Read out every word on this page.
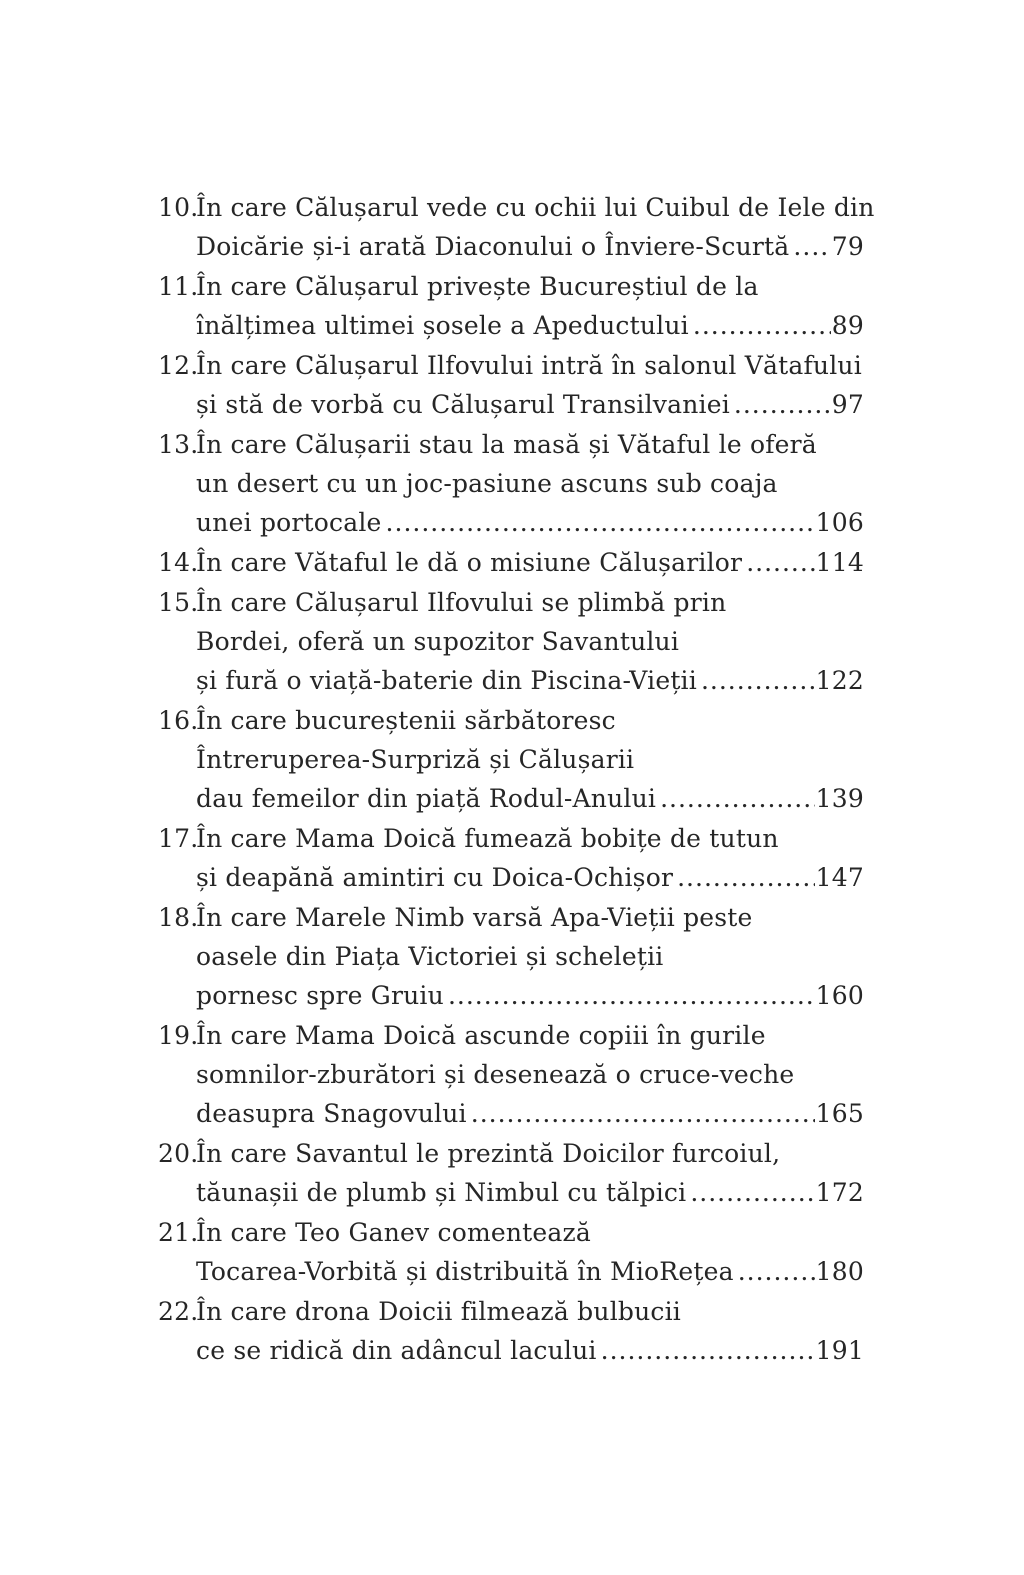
10.
În care Călușarul vede cu ochii lui Cuibul de Iele din
Doicărie și-i arată Diaconului o Înviere-Scurtă ..... 79
11.
În care Călușarul privește Bucureștiul de la
înălțimea ultimei șosele a Apeductului .....	89
12.
În care Călușarul Ilfovului intră în salonul Vătafului
și stă de vorbă cu Călușarul Transilvaniei .....	97
13.
În care Călușarii stau la masă și Vătaful le oferă
un desert cu un joc-pasiune ascuns sub coaja
unei portocale .....	106
14.
În care Vătaful le dă o misiune Călușarilor .....	114
15.
În care Călușarul Ilfovului se plimbă prin
Bordei, oferă un supozitor Savantului
și fură o viață-baterie din Piscina-Vieții .....	122
16.
În care bucureștenii sărbătoresc
Întreruperea-Surpriză și Călușarii
dau femeilor din piață Rodul-Anului .....	139
17.
În care Mama Doică fumează bobițe de tutun
și deapănă amintiri cu Doica-Ochișor .....	147
18.
În care Marele Nimb varsă Apa-Vieții peste
oasele din Piața Victoriei și scheleții
pornesc spre Gruiu .....	160
19.
În care Mama Doică ascunde copiii în gurile
somnilor-zburători și desenează o cruce-veche
deasupra Snagovului .....	165
20.
În care Savantul le prezintă Doicilor furcoiul,
tăunașii de plumb și Nimbul cu tălpici .....	172
21.
În care Teo Ganev comentează
Tocarea-Vorbită și distribuită în MioRețea .....	180
22.
În care drona Doicii filmează bulbucii
ce se ridică din adâncul lacului .....	191
